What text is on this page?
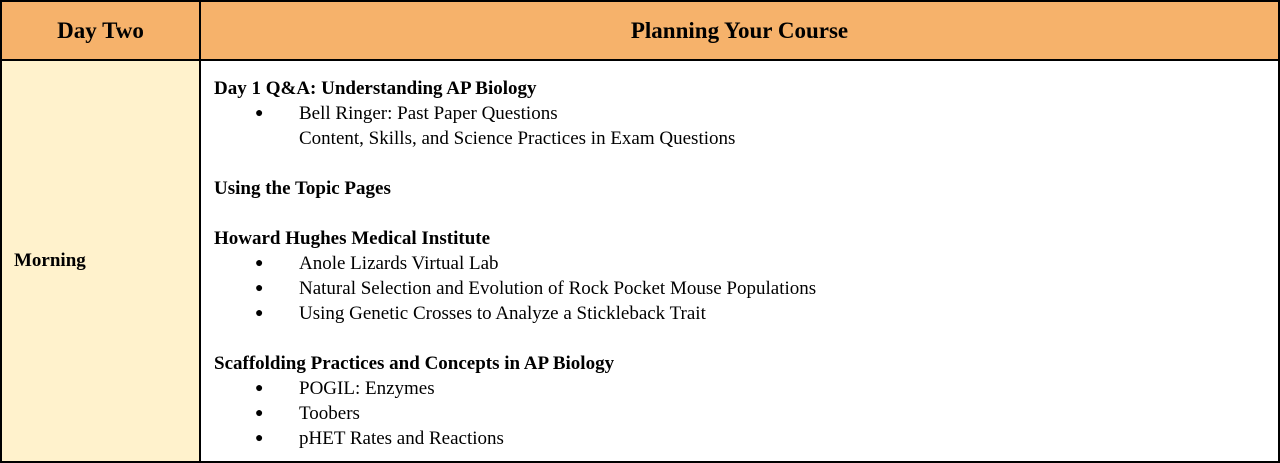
Day Two	Planning Your Course
Morning
Day 1 Q&A: Understanding AP Biology
● Bell Ringer: Past Paper Questions
Content, Skills, and Science Practices in Exam Questions
Using the Topic Pages
Howard Hughes Medical Institute
● Anole Lizards Virtual Lab
● Natural Selection and Evolution of Rock Pocket Mouse Populations
● Using Genetic Crosses to Analyze a Stickleback Trait
Scaffolding Practices and Concepts in AP Biology
● POGIL: Enzymes
● Toobers
● pHET Rates and Reactions
